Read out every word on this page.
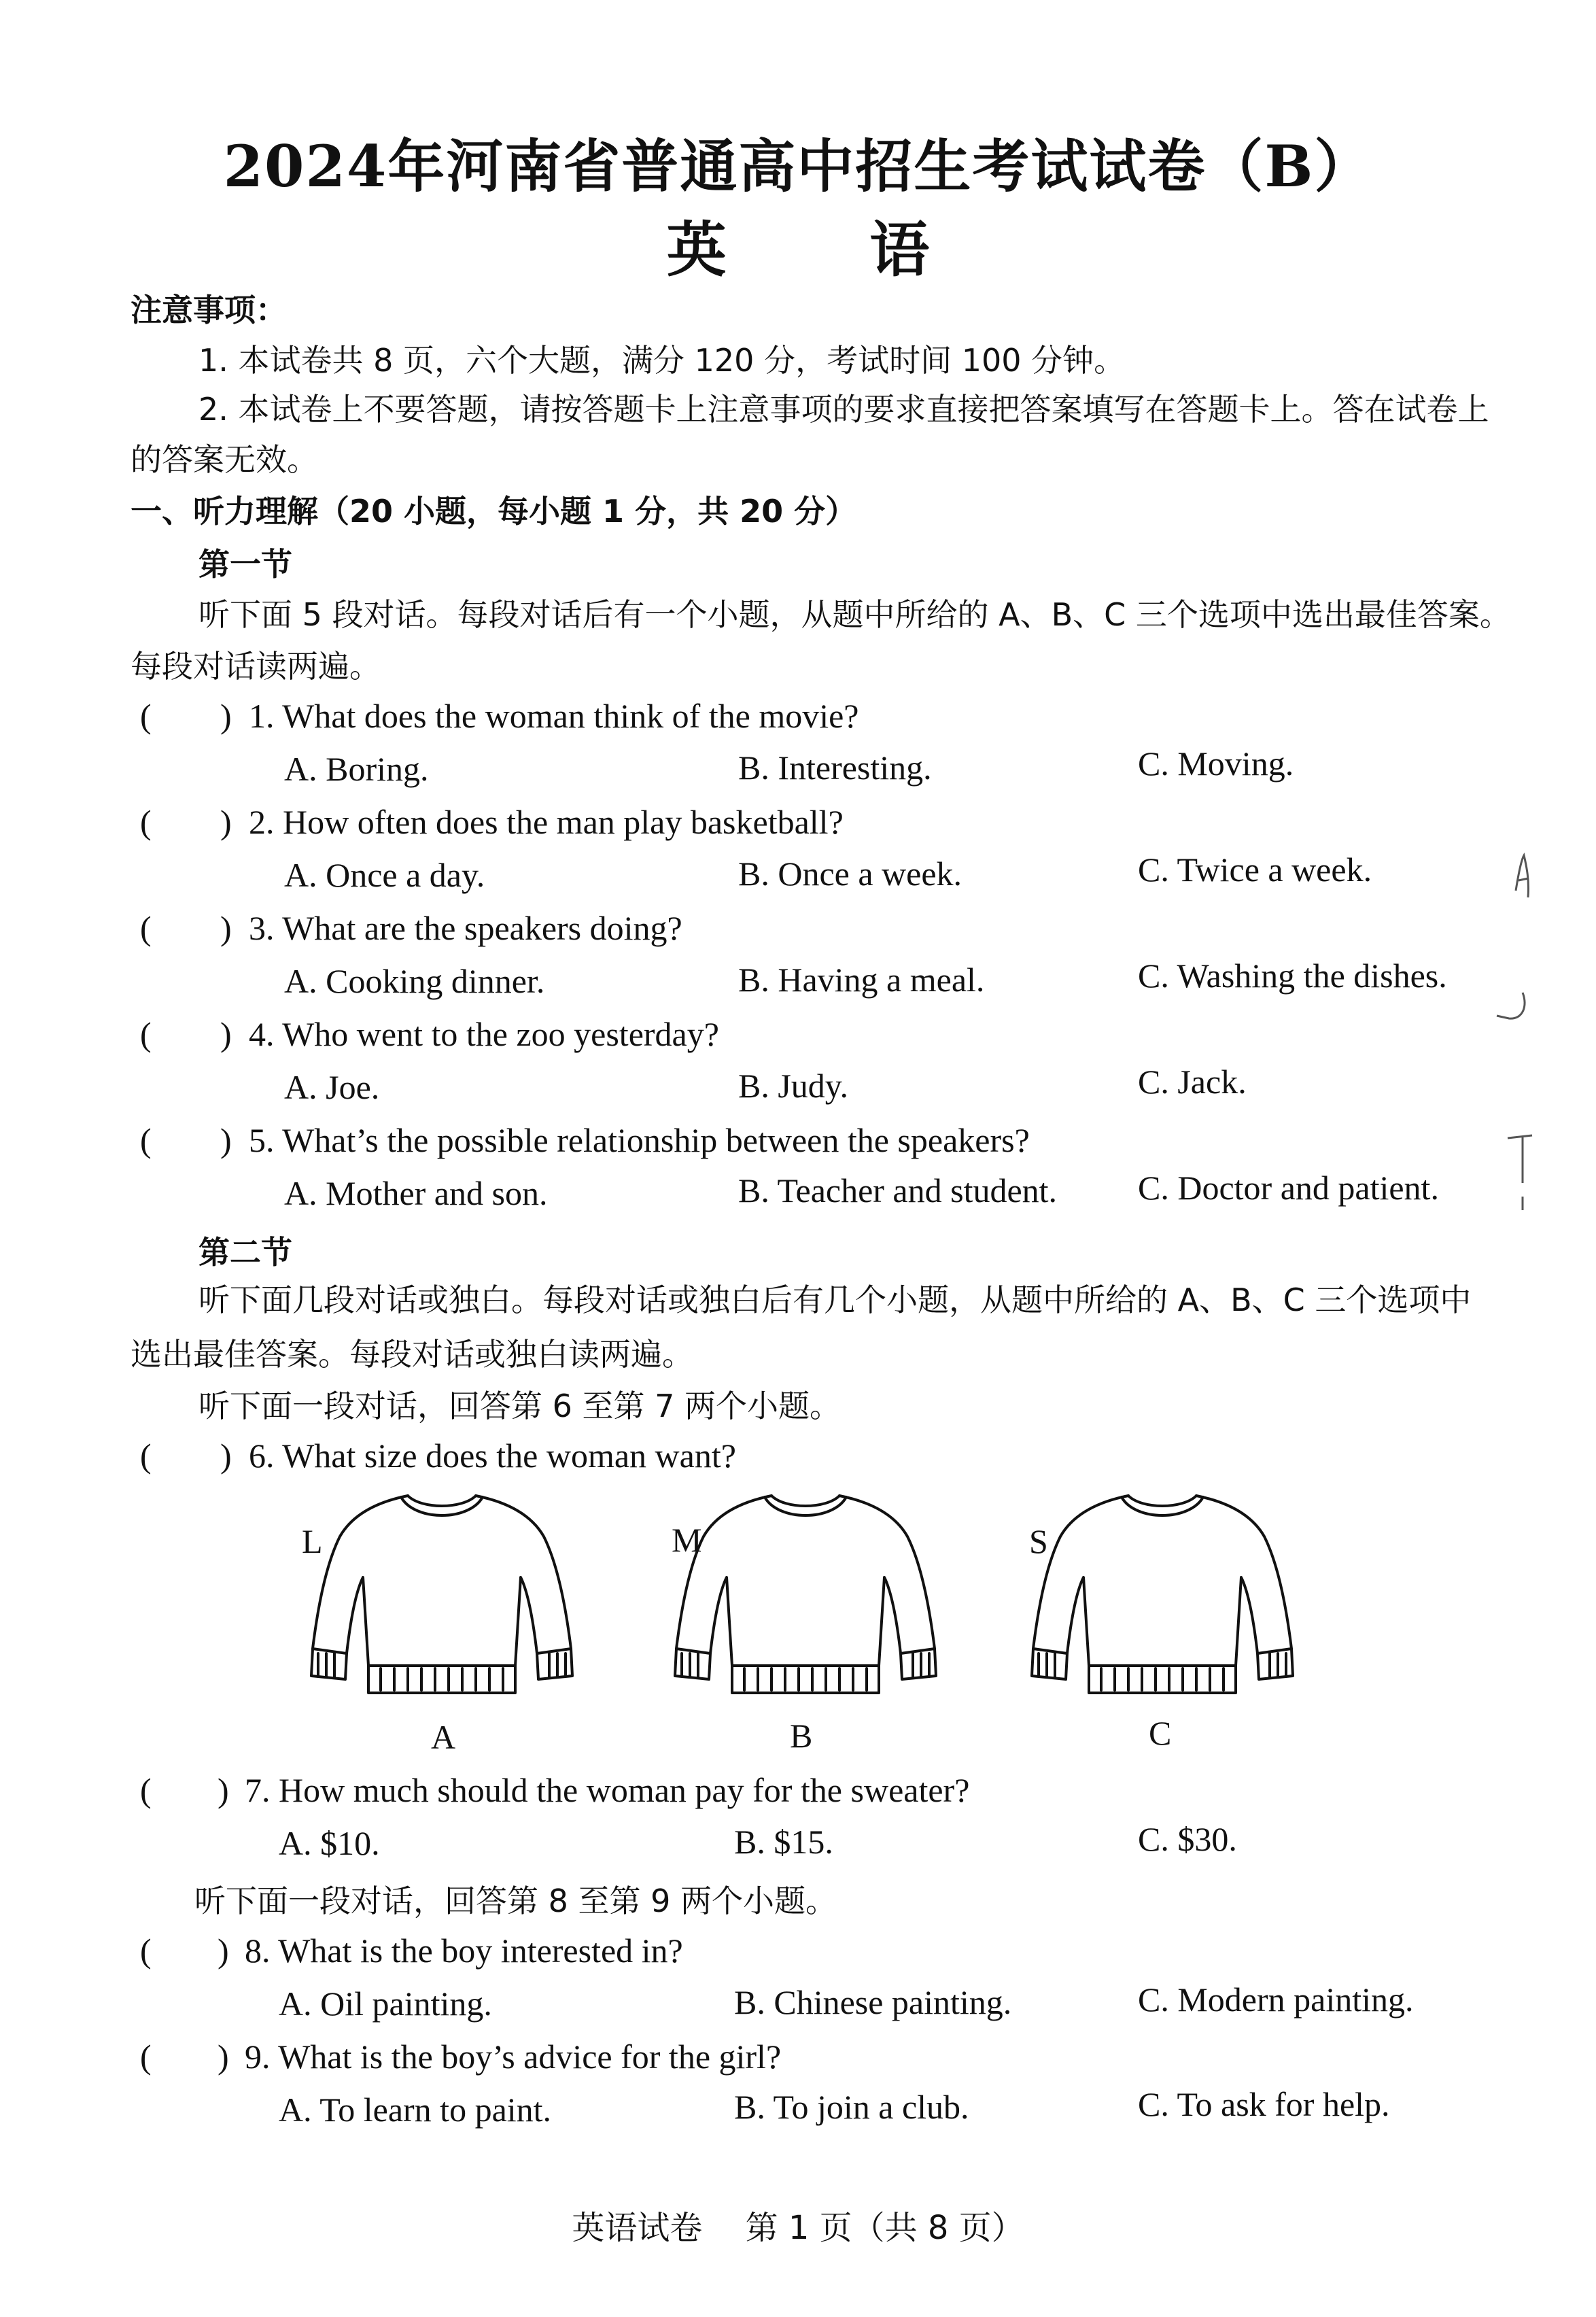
2024年河南省普通高中招生考试试卷（B）
英 语
注意事项：
1. 本试卷共 8 页，六个大题，满分 120 分，考试时间 100 分钟。
2. 本试卷上不要答题，请按答题卡上注意事项的要求直接把答案填写在答题卡上。答在试卷上
的答案无效。
一、听力理解（20 小题，每小题 1 分，共 20 分）
第一节
听下面 5 段对话。每段对话后有一个小题，从题中所给的 A、B、C 三个选项中选出最佳答案。
每段对话读两遍。
( ) 1. What does the woman think of the movie?
A. Boring.	B. Interesting.	C. Moving.
( ) 2. How often does the man play basketball?
A. Once a day.	B. Once a week.	C. Twice a week.
( ) 3. What are the speakers doing?
A. Cooking dinner.	B. Having a meal.	C. Washing the dishes.
( ) 4. Who went to the zoo yesterday?
A. Joe.	B. Judy.	C. Jack.
( ) 5. What’s the possible relationship between the speakers?
A. Mother and son.	B. Teacher and student. C. Doctor and patient.
第二节
听下面几段对话或独白。每段对话或独白后有几个小题，从题中所给的 A、B、C 三个选项中
选出最佳答案。每段对话或独白读两遍。
听下面一段对话，回答第 6 至第 7 两个小题。
( ) 6. What size does the woman want?
L	M	S
A	B	C
( ) 7. How much should the woman pay for the sweater?
A. $10.	B. $15.	C. $30.
听下面一段对话，回答第 8 至第 9 两个小题。
( ) 8. What is the boy interested in?
A. Oil painting.	B. Chinese painting.	C. Modern painting.
( ) 9. What is the boy’s advice for the girl?
A. To learn to paint.	B. To join a club.	C. To ask for help.
英语试卷　 第 1 页（共 8 页）
